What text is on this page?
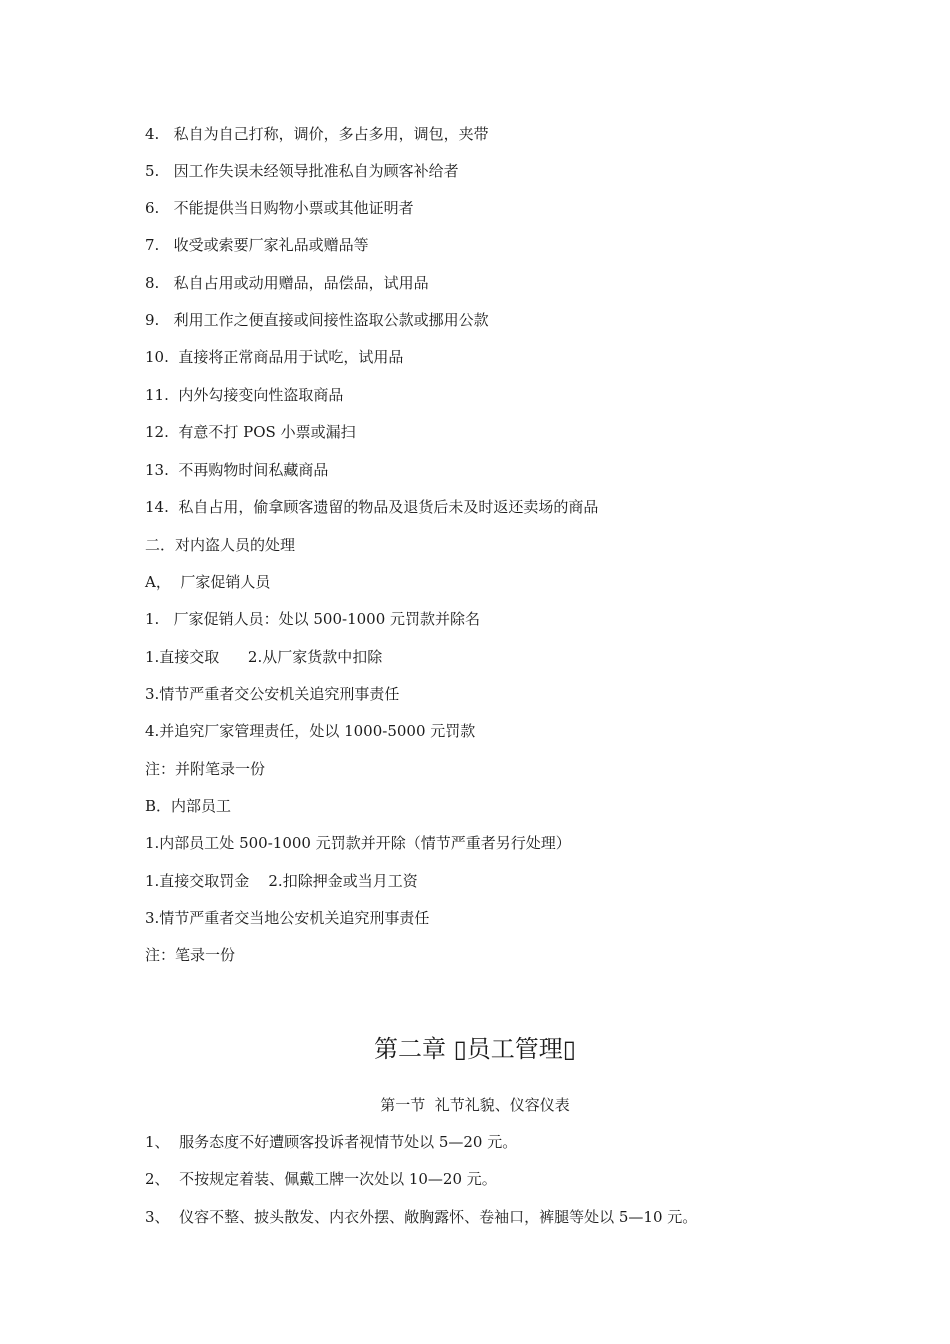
4.   私自为自己打称，调价，多占多用，调包，夹带
5.   因工作失误未经领导批准私自为顾客补给者
6.   不能提供当日购物小票或其他证明者
7.   收受或索要厂家礼品或赠品等
8.   私自占用或动用赠品，品偿品，试用品
9.   利用工作之便直接或间接性盗取公款或挪用公款
10.  直接将正常商品用于试吃，试用品
11.  内外勾接变向性盗取商品
12.  有意不打 POS 小票或漏扫
13.  不再购物时间私藏商品
14.  私自占用，偷拿顾客遗留的物品及退货后未及时返还卖场的商品
二．对内盗人员的处理
A，  厂家促销人员
1.   厂家促销人员：处以 500-1000 元罚款并除名
1.直接交取      2.从厂家货款中扣除
3.情节严重者交公安机关追究刑事责任
4.并追究厂家管理责任，处以 1000-5000 元罚款
注：并附笔录一份
B．内部员工
1.内部员工处 500-1000 元罚款并开除（情节严重者另行处理）
1.直接交取罚金    2.扣除押金或当月工资
3.情节严重者交当地公安机关追究刑事责任
注：笔录一份
第二章 ▯员工管理▯
第一节  礼节礼貌、仪容仪表
1、  服务态度不好遭顾客投诉者视情节处以 5—20 元。
2、  不按规定着装、佩戴工牌一次处以 10—20 元。
3、  仪容不整、披头散发、内衣外摆、敞胸露怀、卷袖口，裤腿等处以 5—10 元。
